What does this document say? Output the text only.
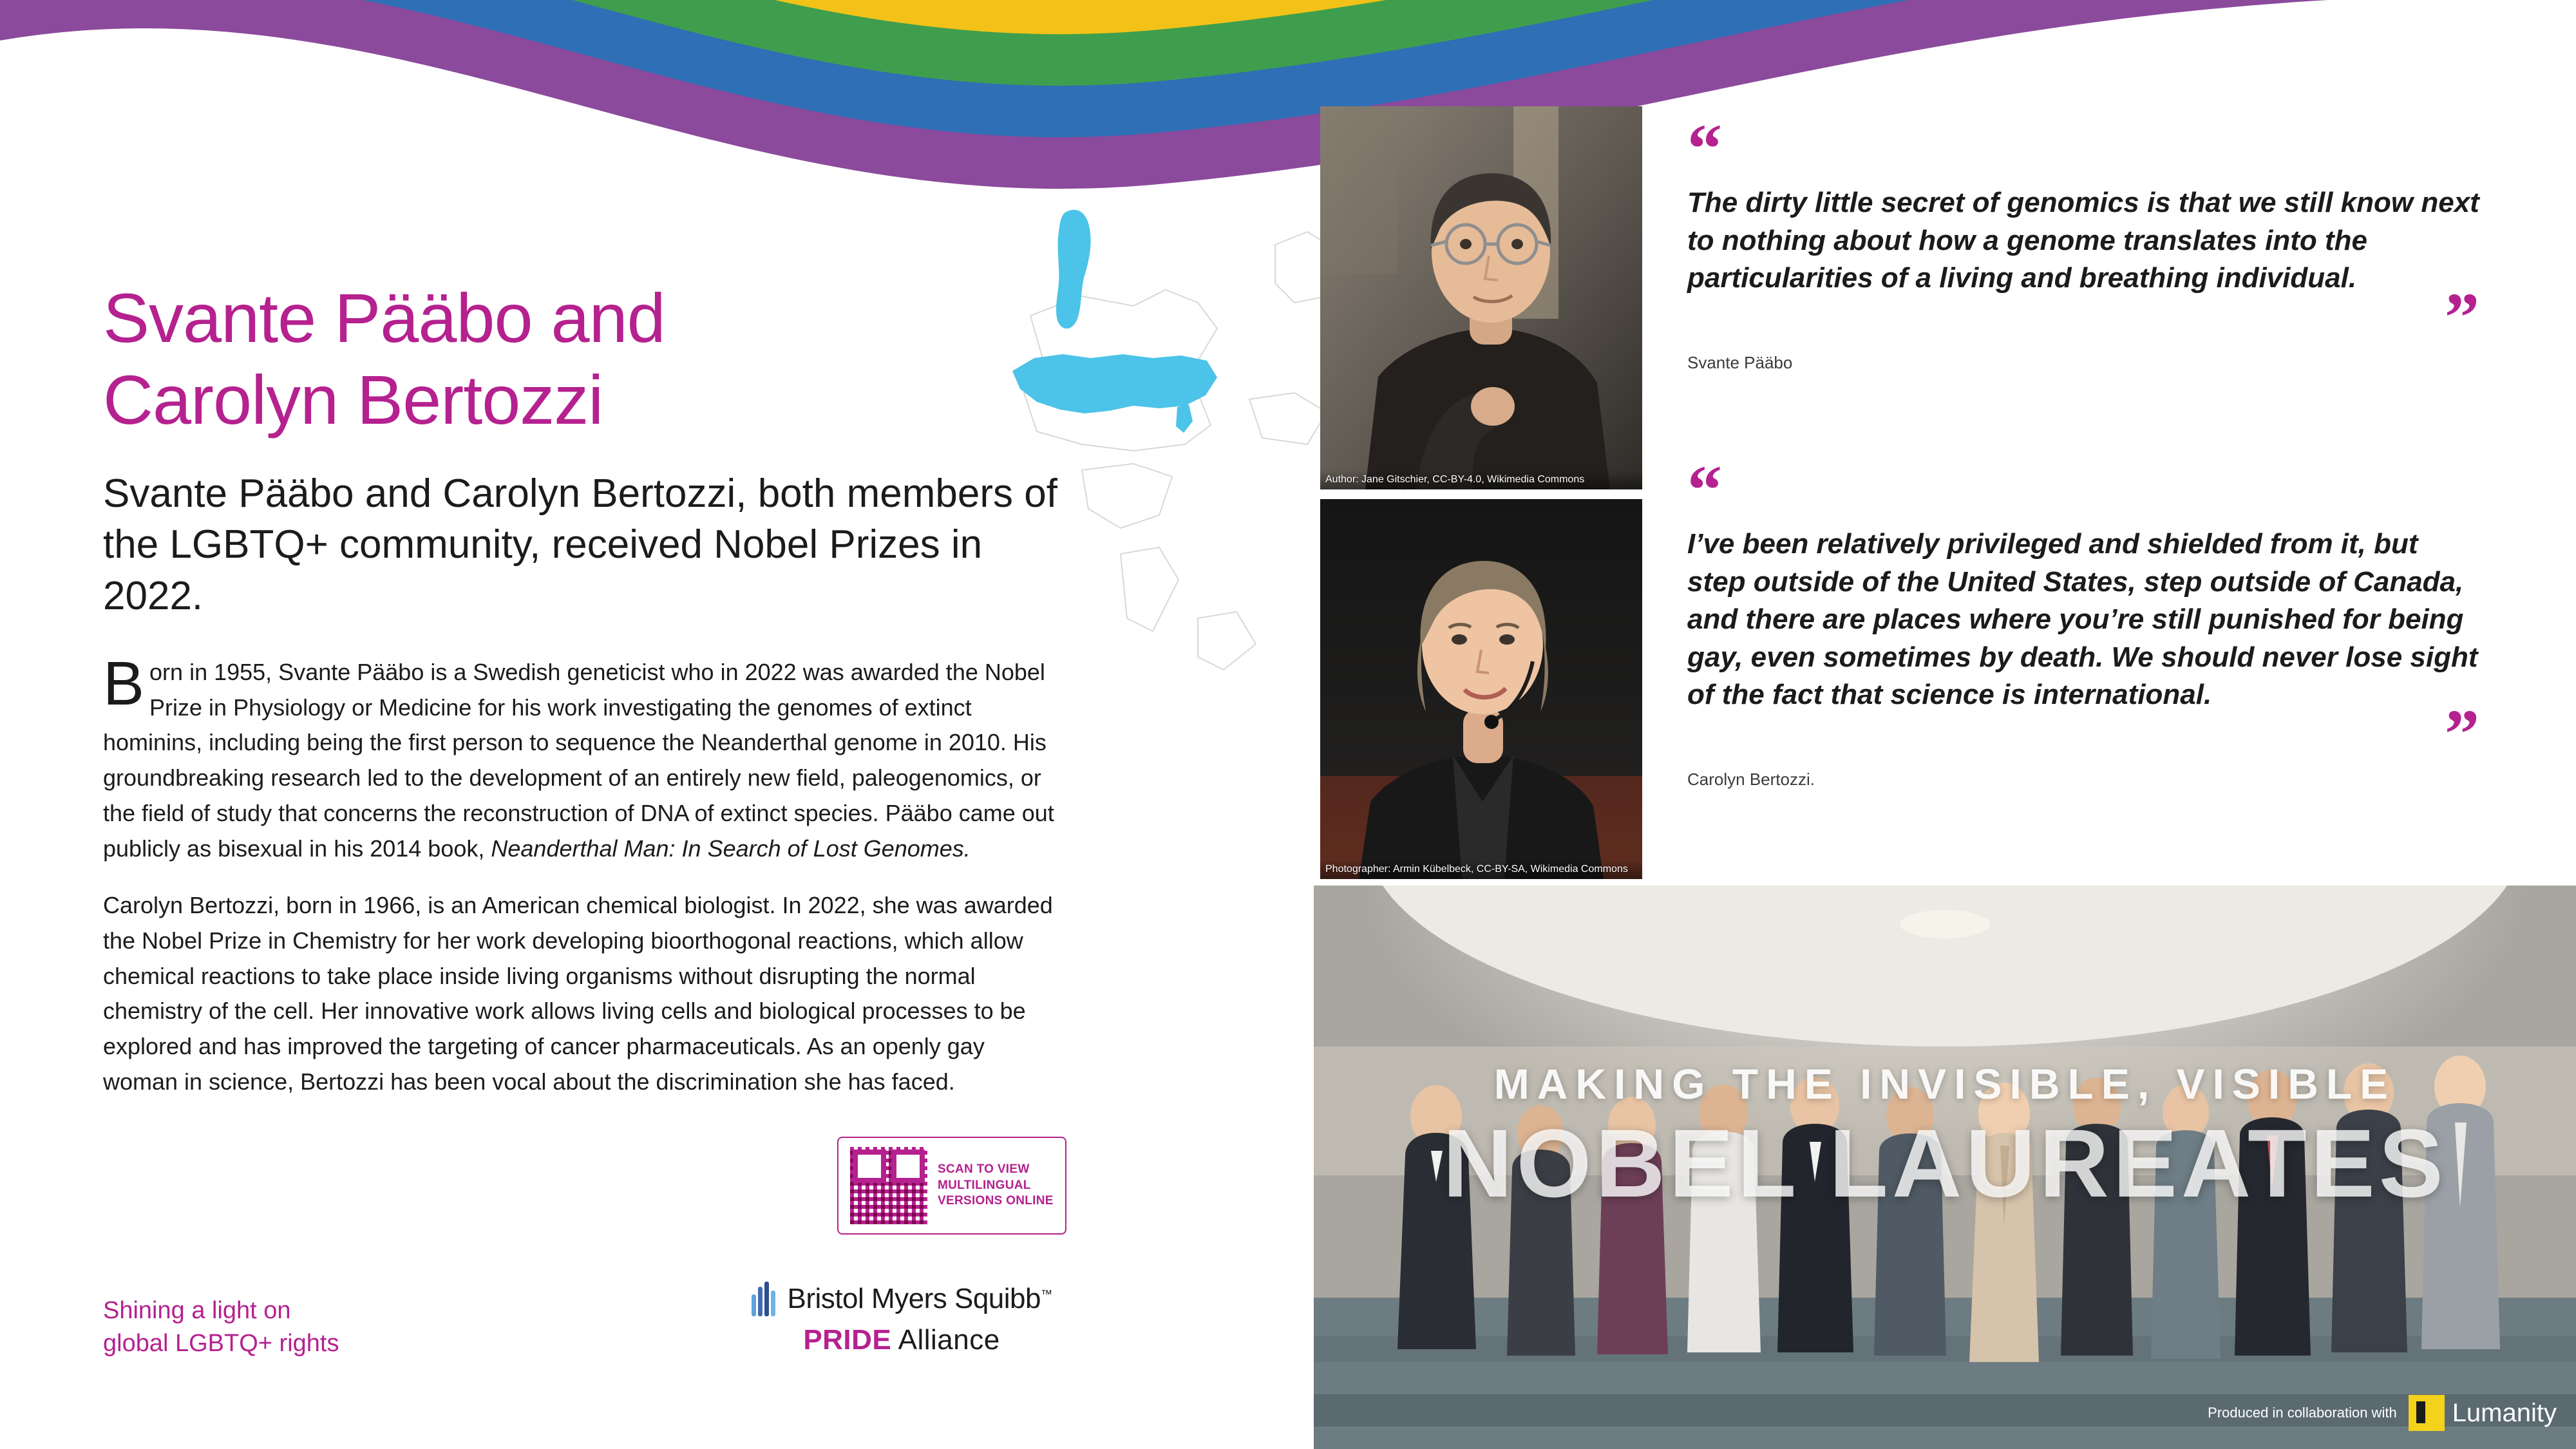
Svante Pääbo and
Carolyn Bertozzi

Svante Pääbo and Carolyn Bertozzi, both members of the LGBTQ+ community, received Nobel Prizes in 2022.

Born in 1955, Svante Pääbo is a Swedish geneticist who in 2022 was awarded the Nobel Prize in Physiology or Medicine for his work investigating the genomes of extinct hominins, including being the first person to sequence the Neanderthal genome in 2010. His groundbreaking research led to the development of an entirely new field, paleogenomics, or the field of study that concerns the reconstruction of DNA of extinct species. Pääbo came out publicly as bisexual in his 2014 book, Neanderthal Man: In Search of Lost Genomes.

Carolyn Bertozzi, born in 1966, is an American chemical biologist. In 2022, she was awarded the Nobel Prize in Chemistry for her work developing bioorthogonal reactions, which allow chemical reactions to take place inside living organisms without disrupting the normal chemistry of the cell. Her innovative work allows living cells and biological processes to be explored and has improved the targeting of cancer pharmaceuticals. As an openly gay woman in science, Bertozzi has been vocal about the discrimination she has faced.

SCAN TO VIEW
MULTILINGUAL
VERSIONS ONLINE
Shining a light on
global LGBTQ+ rights
Bristol Myers Squibb™
PRIDE Alliance
Author: Jane Gitschier, CC-BY-4.0, Wikimedia Commons
Photographer: Armin Kübelbeck, CC-BY-SA, Wikimedia Commons
“
The dirty little secret of genomics is that we still know next to nothing about how a genome translates into the particularities of a living and breathing individual.
”
Svante Pääbo
“
I’ve been relatively privileged and shielded from it, but step outside of the United States, step outside of Canada, and there are places where you’re still punished for being gay, even sometimes by death. We should never lose sight of the fact that science is international.
”
Carolyn Bertozzi.
MAKING THE INVISIBLE, VISIBLE
NOBEL LAUREATES
Produced in collaboration with Lumanity
